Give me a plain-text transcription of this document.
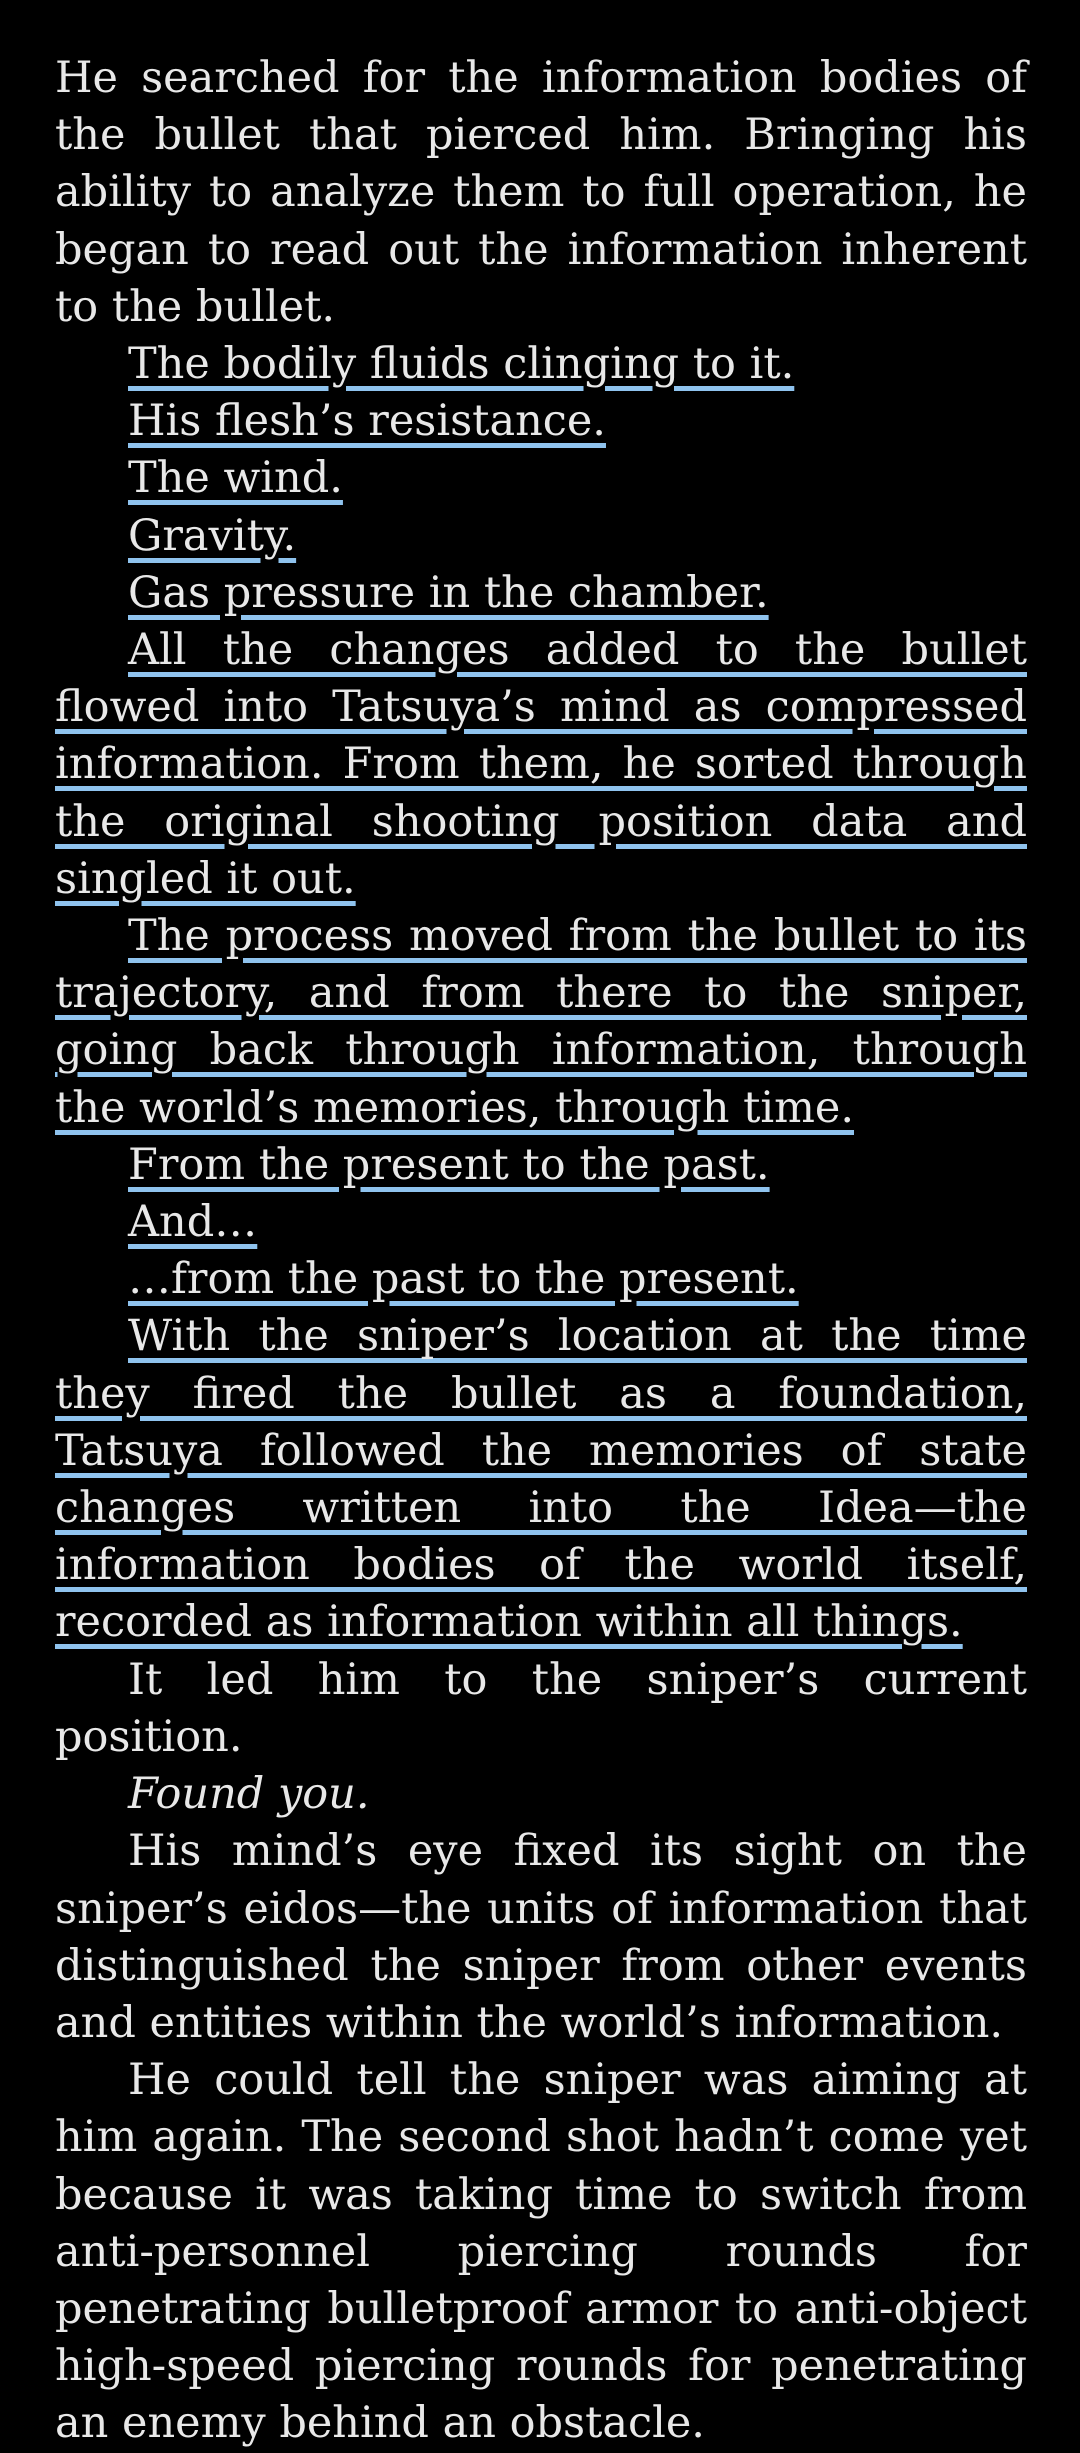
He searched for the information bodies of the bullet that pierced him. Bringing his ability to analyze them to full operation, he began to read out the information inherent to the bullet.

The bodily fluids clinging to it.

His flesh’s resistance.

The wind.

Gravity.

Gas pressure in the chamber.

All the changes added to the bullet flowed into Tatsuya’s mind as compressed information. From them, he sorted through the original shooting position data and singled it out.

The process moved from the bullet to its trajectory, and from there to the sniper, going back through information, through the world’s memories, through time.

From the present to the past.

And…

…from the past to the present.

With the sniper’s location at the time they fired the bullet as a foundation, Tatsuya followed the memories of state changes written into the Idea—the information bodies of the world itself, recorded as information within all things.

It led him to the sniper’s current position.

Found you.

His mind’s eye fixed its sight on the sniper’s eidos—the units of information that distinguished the sniper from other events and entities within the world’s information.

He could tell the sniper was aiming at him again. The second shot hadn’t come yet because it was taking time to switch from anti-personnel piercing rounds for penetrating bulletproof armor to anti-object high-speed piercing rounds for penetrating an enemy behind an obstacle.
